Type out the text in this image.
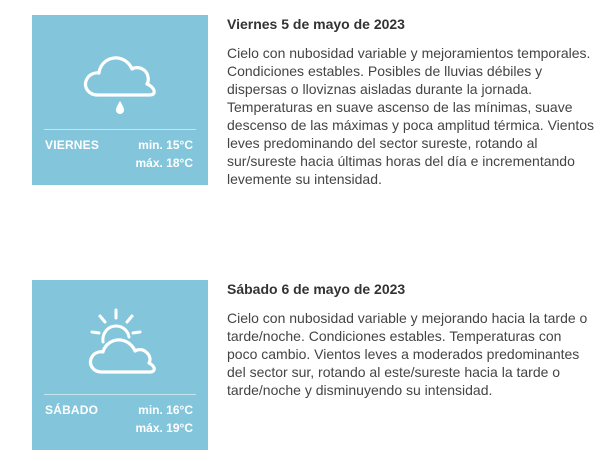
VIERNES	min. 15°C
máx. 18°C
Viernes 5 de mayo de 2023

Cielo con nubosidad variable y mejoramientos temporales. Condiciones estables. Posibles de lluvias débiles y dispersas o lloviznas aisladas durante la jornada. Temperaturas en suave ascenso de las mínimas, suave descenso de las máximas y poca amplitud térmica. Vientos leves predominando del sector sureste, rotando al sur/sureste hacia últimas horas del día e incrementando levemente su intensidad.

SÁBADO	min. 16°C
máx. 19°C
Sábado 6 de mayo de 2023

Cielo con nubosidad variable y mejorando hacia la tarde o tarde/noche. Condiciones estables. Temperaturas con poco cambio. Vientos leves a moderados predominantes del sector sur, rotando al este/sureste hacia la tarde o tarde/noche y disminuyendo su intensidad.
